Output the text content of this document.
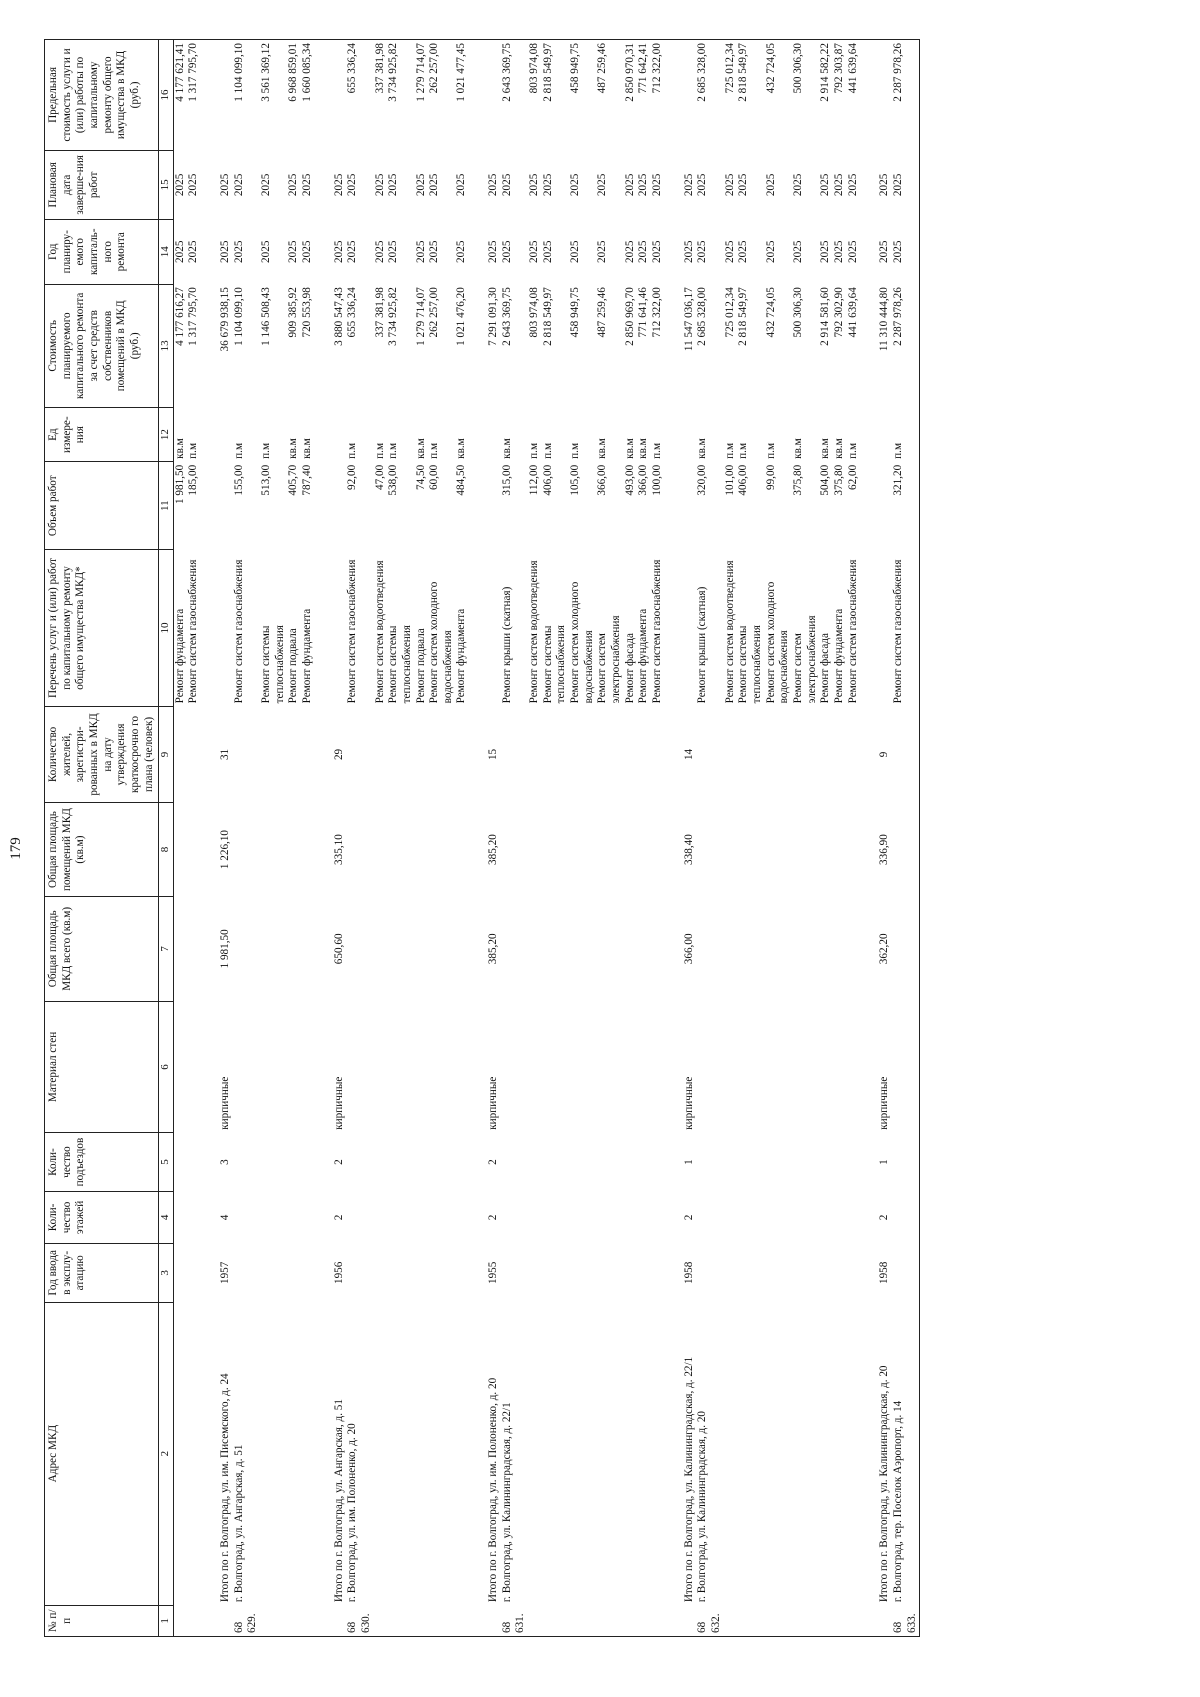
179
№ п/п	Адрес МКД	Год ввода в эксплу-атацию	Коли-чество этажей	Коли-чество подъездов	Материал стен	Общая площадь МКД всего (кв.м)	Общая площадь помещений МКД (кв.м)	Количество жителей, зарегистри-рованных в МКД на дату утверждения краткосрочно го плана (человек)	Перечень услуг и (или) работ по капитальному ремонту общего имущества МКД*	Объем работ	Ед измере-ния	Стоимость планируемого капитального ремонта за счет средств собственников помещений в МКД (руб.)	Год планиру-емого капиталь-ного ремонта	Плановая дата заверше-ния работ	Предельная стоимость услуги и (или) работы по капитальному ремонту общего имущества в МКД (руб.)
1	2	3	4	5	6	7	8	9	10	11	12	13	14	15	16
									Ремонт фундамента	1 981,50	кв.м	4 177 616,27	2025	2025	4 177 621,41
									Ремонт систем газоснабжения	185,00	п.м	1 317 795,70	2025	2025	1 317 795,70
	Итого по г. Волгоград, ул. им. Писемского, д. 24	1957	4	3	кирпичные	1 981,50	1 226,10	31				36 679 938,15	2025	2025	
68 629.	г. Волгоград, ул. Ангарская, д. 51								Ремонт систем газоснабжения	155,00	п.м	1 104 099,10	2025	2025	1 104 099,10
									Ремонт системы теплоснабжения	513,00	п.м	1 146 508,43	2025	2025	3 561 369,12
									Ремонт подвала	405,70	кв.м	909 385,92	2025	2025	6 968 859,01
									Ремонт фундамента	787,40	кв.м	720 553,98	2025	2025	1 660 085,34
	Итого по г. Волгоград, ул. Ангарская, д. 51	1956	2	2	кирпичные	650,60	335,10	29				3 880 547,43	2025	2025	
68 630.	г. Волгоград, ул. им. Полоненко, д. 20								Ремонт систем газоснабжения	92,00	п.м	655 336,24	2025	2025	655 336,24
									Ремонт систем водоотведения	47,00	п.м	337 381,98	2025	2025	337 381,98
									Ремонт системы теплоснабжения	538,00	п.м	3 734 925,82	2025	2025	3 734 925,82
									Ремонт подвала	74,50	кв.м	1 279 714,07	2025	2025	1 279 714,07
									Ремонт систем холодного водоснабжения	60,00	п.м	262 257,00	2025	2025	262 257,00
									Ремонт фундамента	484,50	кв.м	1 021 476,20	2025	2025	1 021 477,45
	Итого по г. Волгоград, ул. им. Полоненко, д. 20	1955	2	2	кирпичные	385,20	385,20	15				7 291 091,30	2025	2025	
68 631.	г. Волгоград, ул. Калининградская, д. 22/1								Ремонт крыши (скатная)	315,00	кв.м	2 643 369,75	2025	2025	2 643 369,75
									Ремонт систем водоотведения	112,00	п.м	803 974,08	2025	2025	803 974,08
									Ремонт системы теплоснабжения	406,00	п.м	2 818 549,97	2025	2025	2 818 549,97
									Ремонт систем холодного водоснабжения	105,00	п.м	458 949,75	2025	2025	458 949,75
									Ремонт систем электроснабжения	366,00	кв.м	487 259,46	2025	2025	487 259,46
									Ремонт фасада	493,00	кв.м	2 850 969,70	2025	2025	2 850 970,31
									Ремонт фундамента	366,00	кв.м	771 641,46	2025	2025	771 642,41
									Ремонт систем газоснабжения	100,00	п.м	712 322,00	2025	2025	712 322,00
	Итого по г. Волгоград, ул. Калининградская, д. 22/1	1958	2	1	кирпичные	366,00	338,40	14				11 547 036,17	2025	2025	
68 632.	г. Волгоград, ул. Калининградская, д. 20								Ремонт крыши (скатная)	320,00	кв.м	2 685 328,00	2025	2025	2 685 328,00
									Ремонт систем водоотведения	101,00	п.м	725 012,34	2025	2025	725 012,34
									Ремонт системы теплоснабжения	406,00	п.м	2 818 549,97	2025	2025	2 818 549,97
									Ремонт систем холодного водоснабжения	99,00	п.м	432 724,05	2025	2025	432 724,05
									Ремонт систем электроснабжения	375,80	кв.м	500 306,30	2025	2025	500 306,30
									Ремонт фасада	504,00	кв.м	2 914 581,60	2025	2025	2 914 582,22
									Ремонт фундамента	375,80	кв.м	792 302,90	2025	2025	792 303,87
									Ремонт систем газоснабжения	62,00	п.м	441 639,64	2025	2025	441 639,64
	Итого по г. Волгоград, ул. Калининградская, д. 20	1958	2	1	кирпичные	362,20	336,90	9				11 310 444,80	2025	2025	
68 633.	г. Волгоград, тер. Поселок Аэропорт, д. 14								Ремонт систем газоснабжения	321,20	п.м	2 287 978,26	2025	2025	2 287 978,26
